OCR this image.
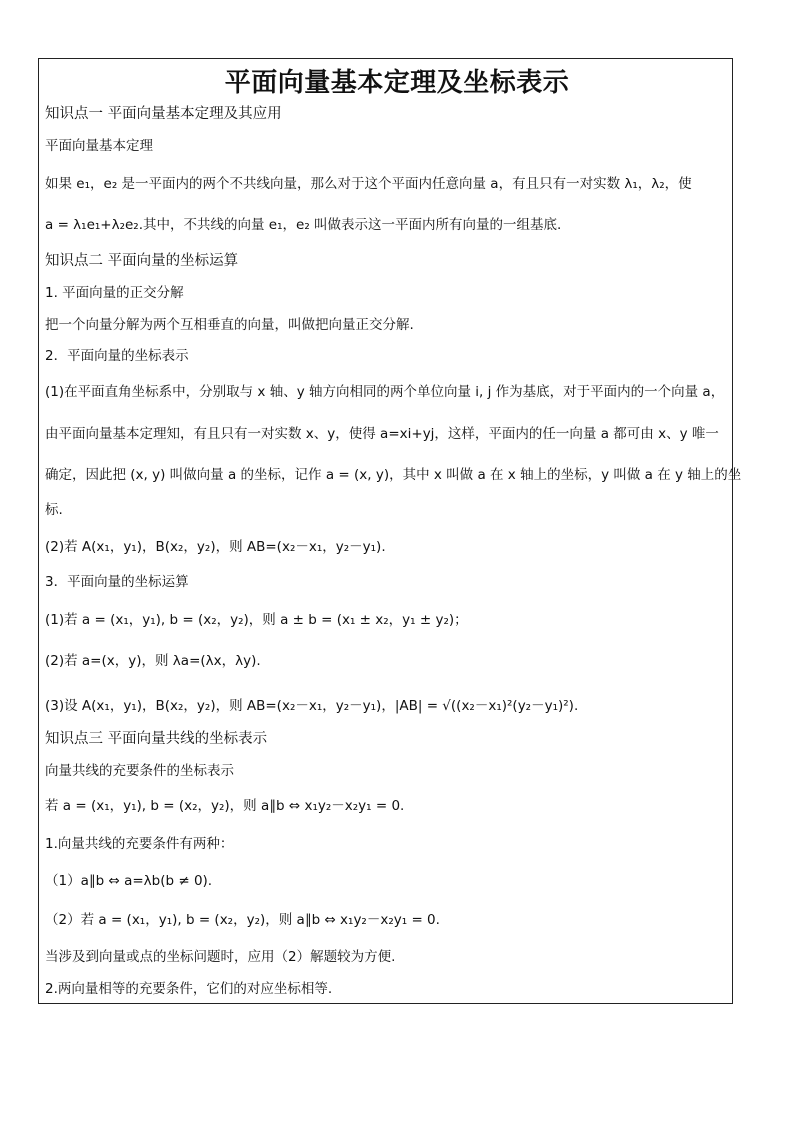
平面向量基本定理及坐标表示
知识点一 平面向量基本定理及其应用
平面向量基本定理
如果 e₁，e₂ 是一平面内的两个不共线向量，那么对于这个平面内任意向量 a，有且只有一对实数 λ₁，λ₂，使
a = λ₁e₁+λ₂e₂.其中，不共线的向量 e₁，e₂ 叫做表示这一平面内所有向量的一组基底.
知识点二 平面向量的坐标运算
1. 平面向量的正交分解
把一个向量分解为两个互相垂直的向量，叫做把向量正交分解.
2．平面向量的坐标表示
(1)在平面直角坐标系中，分别取与 x 轴、y 轴方向相同的两个单位向量 i, j 作为基底，对于平面内的一个向量 a，
由平面向量基本定理知，有且只有一对实数 x、y，使得 a=xi+yj，这样，平面内的任一向量 a 都可由 x、y 唯一
确定，因此把 (x, y) 叫做向量 a 的坐标，记作 a = (x, y)，其中 x 叫做 a 在 x 轴上的坐标，y 叫做 a 在 y 轴上的坐
标.
(2)若 A(x₁，y₁)，B(x₂，y₂)，则 AB=(x₂－x₁，y₂－y₁).
3．平面向量的坐标运算
(1)若 a = (x₁，y₁), b = (x₂，y₂)，则 a ± b = (x₁ ± x₂，y₁ ± y₂)；
(2)若 a=(x，y)，则 λa=(λx，λy).
(3)设 A(x₁，y₁)，B(x₂，y₂)，则 AB=(x₂－x₁，y₂－y₁)，|AB| = √((x₂－x₁)²(y₂－y₁)²).
知识点三 平面向量共线的坐标表示
向量共线的充要条件的坐标表示
若 a = (x₁，y₁), b = (x₂，y₂)，则 a∥b ⇔ x₁y₂－x₂y₁ = 0.
1.向量共线的充要条件有两种：
（1）a∥b ⇔ a=λb(b ≠ 0).
（2）若 a = (x₁，y₁), b = (x₂，y₂)，则 a∥b ⇔ x₁y₂－x₂y₁ = 0.
当涉及到向量或点的坐标问题时，应用（2）解题较为方便.
2.两向量相等的充要条件，它们的对应坐标相等.
